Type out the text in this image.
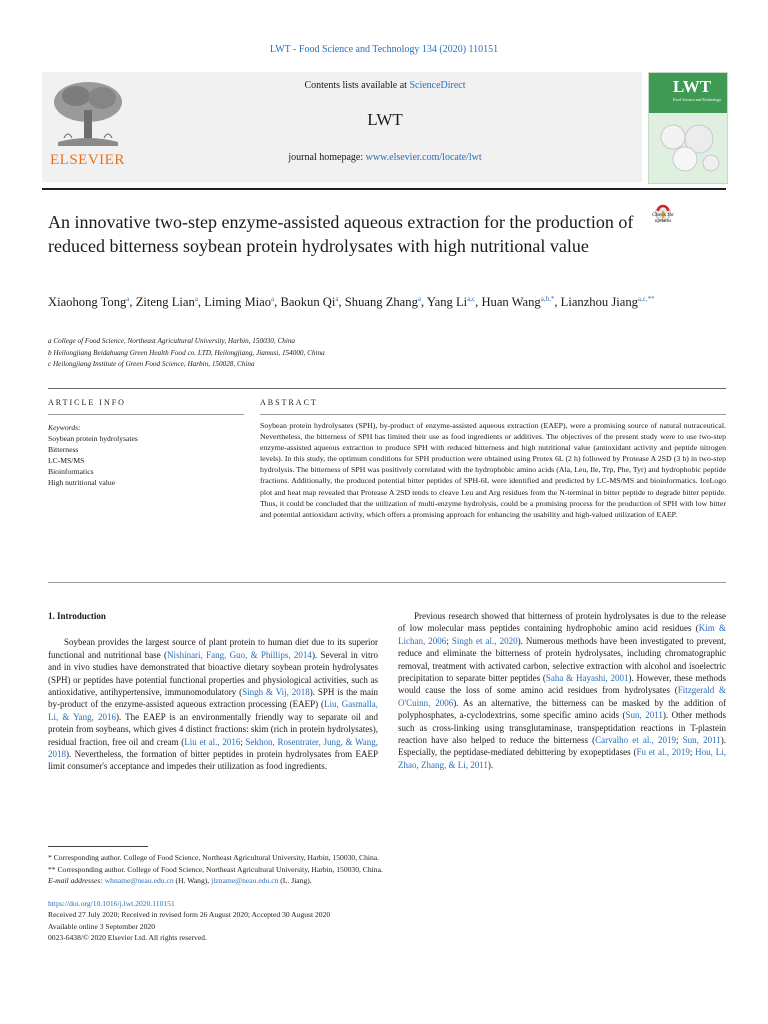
LWT - Food Science and Technology 134 (2020) 110151
ELSEVIER
Contents lists available at ScienceDirect
LWT
journal homepage: www.elsevier.com/locate/lwt
LWT
Food Science and Technology
Check for updates
An innovative two-step enzyme-assisted aqueous extraction for the production of reduced bitterness soybean protein hydrolysates with high nutritional value
Xiaohong Tong$^a$, Ziteng Lian$^a$, Liming Miao$^a$, Baokun Qi$^a$, Shuang Zhang$^a$, Yang Li$^{a,c}$, Huan Wang$^{a,b,*}$, Lianzhou Jiang$^{a,c,**}$
a College of Food Science, Northeast Agricultural University, Harbin, 150030, China
b Heilongjiang Beidahuang Green Health Food co. LTD, Heilongjiang, Jiamusi, 154000, China
c Heilongjiang Institute of Green Food Science, Harbin, 150028, China
ARTICLE INFO	ABSTRACT
Keywords:
Soybean protein hydrolysates
Bitterness
LC-MS/MS
Bioinformatics
High nutritional value
Soybean protein hydrolysates (SPH), by-product of enzyme-assisted aqueous extraction (EAEP), were a promising source of natural nutraceutical. Nevertheless, the bitterness of SPH has limited their use as food ingredients or additives. The objectives of the present study were to use two-step enzyme-assisted aqueous extraction to produce SPH with reduced bitterness and high nutritional value (antioxidant activity and peptide nitrogen levels). In this study, the optimum conditions for SPH production were obtained using Protex 6L (2 h) followed by Protease A 2SD (3 h) in two-step hydrolysis. The bitterness of SPH was positively correlated with the hydrophobic amino acids (Ala, Leu, Ile, Trp, Phe, Tyr) and hydrophobic peptide fractions. Additionally, the produced potential bitter peptides of SPH-6L were identified and predicted by LC-MS/MS and bioinformatics. IceLogo plot and heat map revealed that Protease A 2SD tends to cleave Leu and Arg residues from the N-terminal in bitter peptide to degrade bitter peptide. Thus, it could be concluded that the utilization of multi-enzyme hydrolysis, could be a promising process for the production of SPH with low bitter and potential antioxidant activity, which offers a promising approach for enhancing the usability and high-valued utilization of EAEP.
1. Introduction

Soybean provides the largest source of plant protein to human diet due to its superior functional and nutritional base (Nishinari, Fang, Guo, & Phillips, 2014). Several in vitro and in vivo studies have demonstrated that bioactive dietary soybean protein hydrolysates (SPH) or peptides have potential functional properties and physiological activities, such as antioxidative, antihypertensive, immunomodulatory (Singh & Vij, 2018). SPH is the main by-product of the enzyme-assisted aqueous extraction processing (EAEP) (Liu, Gasmalla, Li, & Yang, 2016). The EAEP is an environmentally friendly way to separate oil and protein from soybeans, which gives 4 distinct fractions: skim (rich in protein hydrolysates), residual fraction, free oil and cream (Liu et al., 2016; Sekhon, Rosentrater, Jung, & Wang, 2018). Nevertheless, the formation of bitter peptides in protein hydrolysates from EAEP limit consumer's acceptance and impedes their utilization as food ingredients.

Previous research showed that bitterness of protein hydrolysates is due to the release of low molecular mass peptides containing hydrophobic amino acid residues (Kim & Lichan, 2006; Singh et al., 2020). Numerous methods have been investigated to prevent, reduce and eliminate the bitterness of protein hydrolysates, including chromatographic removal, treatment with activated carbon, selective extraction with alcohol and isoelectric precipitation to separate bitter peptides (Saha & Hayashi, 2001). However, these methods would cause the loss of some amino acid residues from hydrolysates (Fitzgerald & O'Cuinn, 2006). As an alternative, the bitterness can be masked by the addition of polyphosphates, a-cyclodextrins, some specific amino acids (Sun, 2011). Other methods such as cross-linking using transglutaminase, transpeptidation reactions in T-plastein reaction have also helped to reduce the bitterness (Carvalho et al., 2019; Sun, 2011). Especially, the peptidase-mediated debittering by exopeptidases (Fu et al., 2019; Hou, Li, Zhao, Zhang, & Li, 2011).

* Corresponding author. College of Food Science, Northeast Agricultural University, Harbin, 150030, China.
** Corresponding author. College of Food Science, Northeast Agricultural University, Harbin, 150030, China.
E-mail addresses: whname@neau.edu.cn (H. Wang), jlzname@neau.edu.cn (L. Jiang).
https://doi.org/10.1016/j.lwt.2020.110151
Received 27 July 2020; Received in revised form 26 August 2020; Accepted 30 August 2020
Available online 3 September 2020
0023-6438/© 2020 Elsevier Ltd. All rights reserved.
